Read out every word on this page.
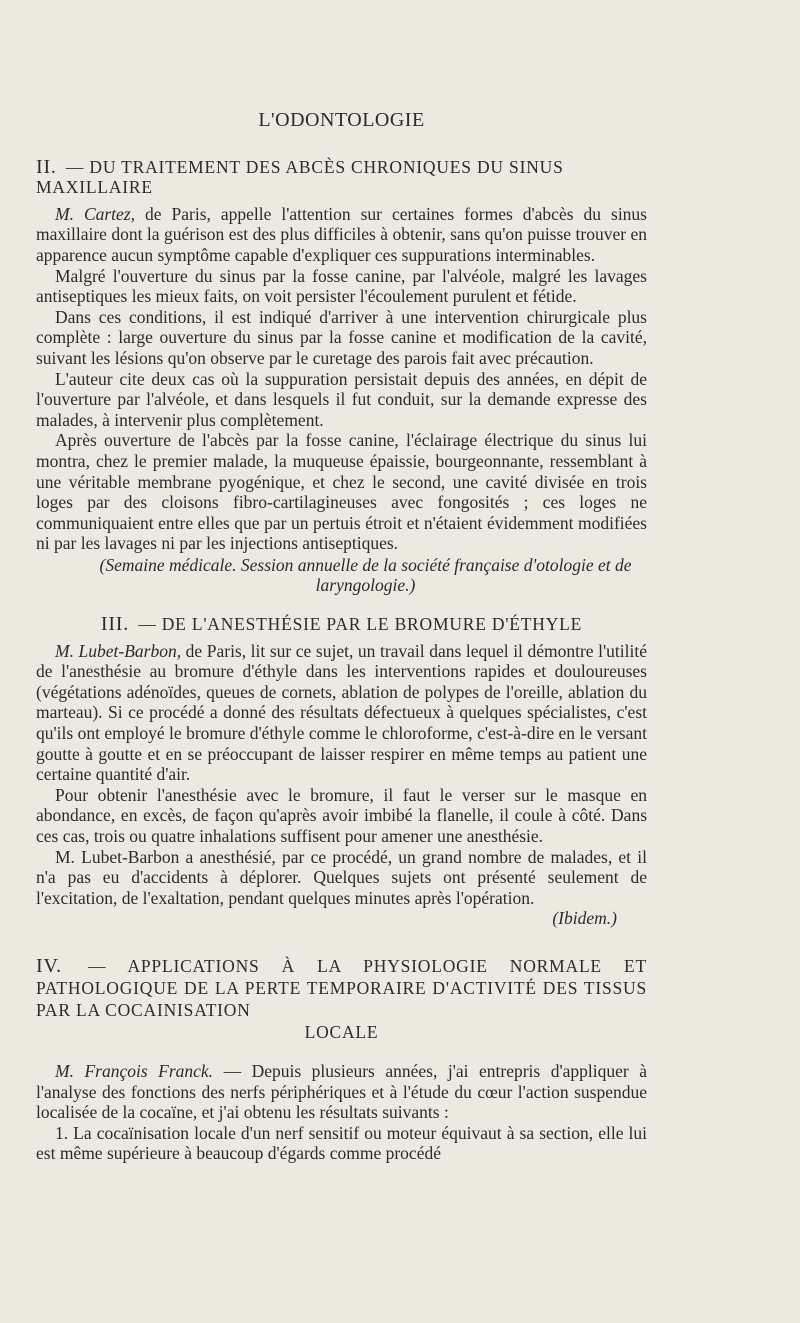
L'ODONTOLOGIE
II. — DU TRAITEMENT DES ABCÈS CHRONIQUES DU SINUS MAXILLAIRE

M. Cartez, de Paris, appelle l'attention sur certaines formes d'abcès du sinus maxillaire dont la guérison est des plus difficiles à obtenir, sans qu'on puisse trouver en apparence aucun symptôme capable d'expliquer ces suppurations interminables.

Malgré l'ouverture du sinus par la fosse canine, par l'alvéole, malgré les lavages antiseptiques les mieux faits, on voit persister l'écoulement purulent et fétide.

Dans ces conditions, il est indiqué d'arriver à une intervention chirurgicale plus complète : large ouverture du sinus par la fosse canine et modification de la cavité, suivant les lésions qu'on observe par le curetage des parois fait avec précaution.

L'auteur cite deux cas où la suppuration persistait depuis des années, en dépit de l'ouverture par l'alvéole, et dans lesquels il fut conduit, sur la demande expresse des malades, à intervenir plus complètement.

Après ouverture de l'abcès par la fosse canine, l'éclairage électrique du sinus lui montra, chez le premier malade, la muqueuse épaissie, bourgeonnante, ressemblant à une véritable membrane pyogénique, et chez le second, une cavité divisée en trois loges par des cloisons fibro-cartilagineuses avec fongosités ; ces loges ne communiquaient entre elles que par un pertuis étroit et n'étaient évidemment modifiées ni par les lavages ni par les injections antiseptiques.

(Semaine médicale. Session annuelle de la société française d'otologie et de laryngologie.)
III. — DE L'ANESTHÉSIE PAR LE BROMURE D'ÉTHYLE

M. Lubet-Barbon, de Paris, lit sur ce sujet, un travail dans lequel il démontre l'utilité de l'anesthésie au bromure d'éthyle dans les interventions rapides et douloureuses (végétations adénoïdes, queues de cornets, ablation de polypes de l'oreille, ablation du marteau). Si ce procédé a donné des résultats défectueux à quelques spécialistes, c'est qu'ils ont employé le bromure d'éthyle comme le chloroforme, c'est-à-dire en le versant goutte à goutte et en se préoccupant de laisser respirer en même temps au patient une certaine quantité d'air.

Pour obtenir l'anesthésie avec le bromure, il faut le verser sur le masque en abondance, en excès, de façon qu'après avoir imbibé la flanelle, il coule à côté. Dans ces cas, trois ou quatre inhalations suffisent pour amener une anesthésie.

M. Lubet-Barbon a anesthésié, par ce procédé, un grand nombre de malades, et il n'a pas eu d'accidents à déplorer. Quelques sujets ont présenté seulement de l'excitation, de l'exaltation, pendant quelques minutes après l'opération.

(Ibidem.)
IV. — APPLICATIONS À LA PHYSIOLOGIE NORMALE ET PATHOLOGIQUE DE LA PERTE TEMPORAIRE D'ACTIVITÉ DES TISSUS PAR LA COCAINISATION
LOCALE

M. François Franck. — Depuis plusieurs années, j'ai entrepris d'appliquer à l'analyse des fonctions des nerfs périphériques et à l'étude du cœur l'action suspendue localisée de la cocaïne, et j'ai obtenu les résultats suivants :

1. La cocaïnisation locale d'un nerf sensitif ou moteur équivaut à sa section, elle lui est même supérieure à beaucoup d'égards comme procédé
